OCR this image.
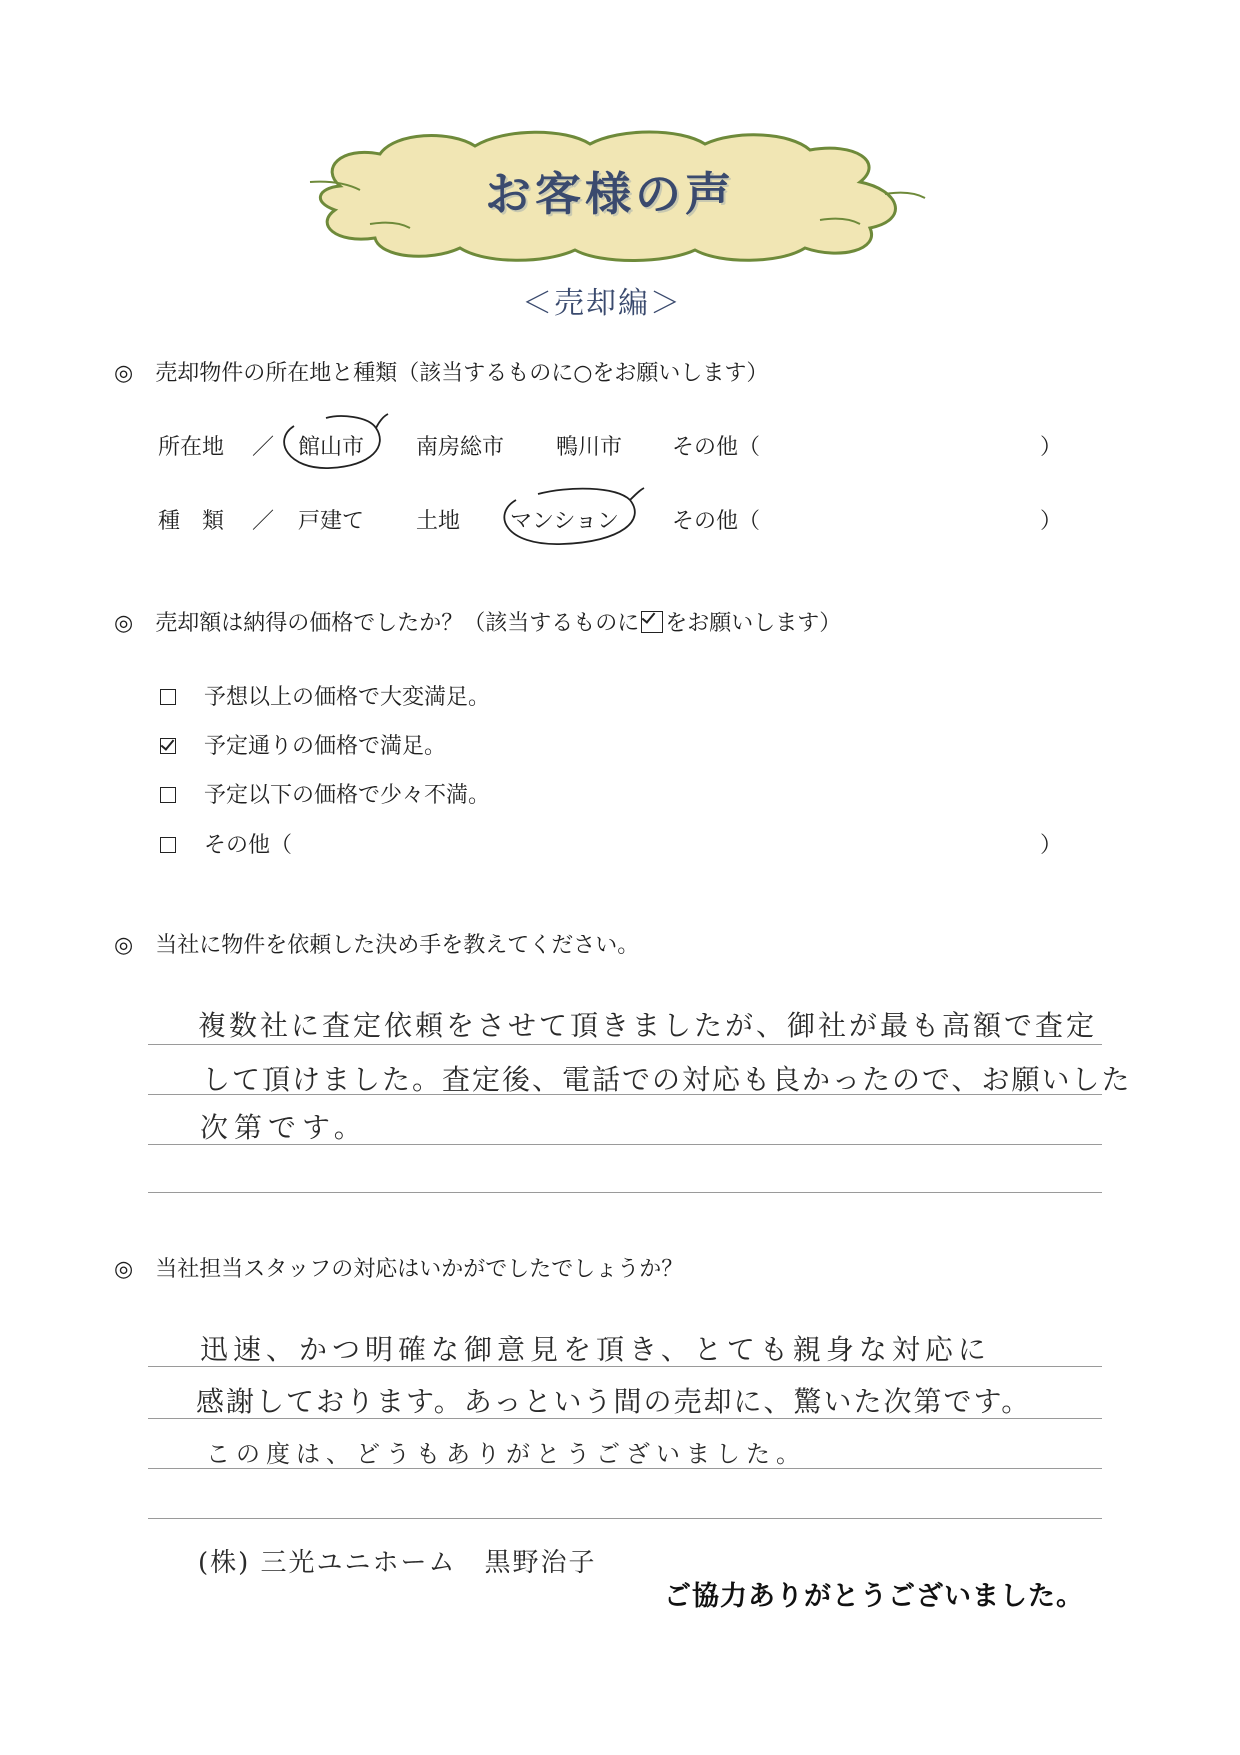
お客様の声
＜売却編＞
◎ 売却物件の所在地と種類（該当するものに○をお願いします）
所在地 ／ 館山市 南房総市 鴨川市 その他（	）
種　類 ／ 戸建て 土地 マンション その他（	）
◎ 売却額は納得の価格でしたか？（該当するものに をお願いします）
予想以上の価格で大変満足。
予定通りの価格で満足。
予定以下の価格で少々不満。
その他（	）
◎ 当社に物件を依頼した決め手を教えてください。
複数社に査定依頼をさせて頂きましたが、御社が最も高額で査定
して頂けました。査定後、電話での対応も良かったので、お願いした
次第です。
◎ 当社担当スタッフの対応はいかがでしたでしょうか？
迅速、かつ明確な御意見を頂き、とても親身な対応に
感謝しております。あっという間の売却に、驚いた次第です。
この度は、どうもありがとうございました。
(株) 三光ユニホーム　黒野治子
ご協力ありがとうございました。
